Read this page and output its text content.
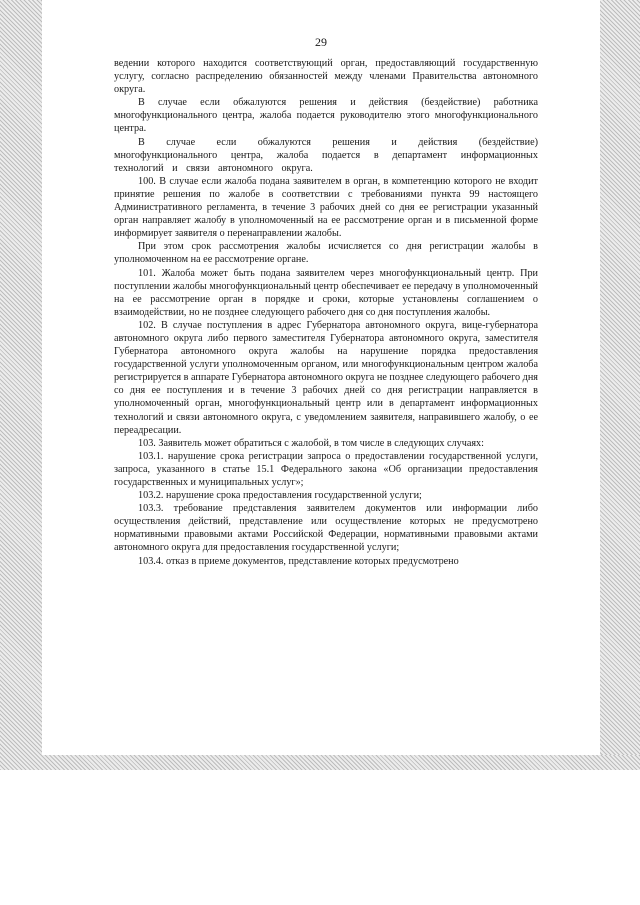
29

ведении которого находится соответствующий орган, предоставляющий государственную услугу, согласно распределению обязанностей между членами Правительства автономного округа.

В случае если обжалуются решения и действия (бездействие) работника многофункционального центра, жалоба подается руководителю этого многофункционального центра.

В случае если обжалуются решения и действия (бездействие) многофункционального центра, жалоба подается в департамент информационных технологий и связи автономного округа.

100. В случае если жалоба подана заявителем в орган, в компетенцию которого не входит принятие решения по жалобе в соответствии с требованиями пункта 99 настоящего Административного регламента, в течение 3 рабочих дней со дня ее регистрации указанный орган направляет жалобу в уполномоченный на ее рассмотрение орган и в письменной форме информирует заявителя о перенаправлении жалобы.

При этом срок рассмотрения жалобы исчисляется со дня регистрации жалобы в уполномоченном на ее рассмотрение органе.

101. Жалоба может быть подана заявителем через многофункциональный центр. При поступлении жалобы многофункциональный центр обеспечивает ее передачу в уполномоченный на ее рассмотрение орган в порядке и сроки, которые установлены соглашением о взаимодействии, но не позднее следующего рабочего дня со дня поступления жалобы.

102. В случае поступления в адрес Губернатора автономного округа, вице-губернатора автономного округа либо первого заместителя Губернатора автономного округа, заместителя Губернатора автономного округа жалобы на нарушение порядка предоставления государственной услуги уполномоченным органом, или многофункциональным центром жалоба регистрируется в аппарате Губернатора автономного округа не позднее следующего рабочего дня со дня ее поступления и в течение 3 рабочих дней со дня регистрации направляется в уполномоченный орган, многофункциональный центр или в департамент информационных технологий и связи автономного округа, с уведомлением заявителя, направившего жалобу, о ее переадресации.

103. Заявитель может обратиться с жалобой, в том числе в следующих случаях:

103.1. нарушение срока регистрации запроса о предоставлении государственной услуги, запроса, указанного в статье 15.1 Федерального закона «Об организации предоставления государственных и муниципальных услуг»;

103.2. нарушение срока предоставления государственной услуги;

103.3. требование представления заявителем документов или информации либо осуществления действий, представление или осуществление которых не предусмотрено нормативными правовыми актами Российской Федерации, нормативными правовыми актами автономного округа для предоставления государственной услуги;

103.4. отказ в приеме документов, представление которых предусмотрено
